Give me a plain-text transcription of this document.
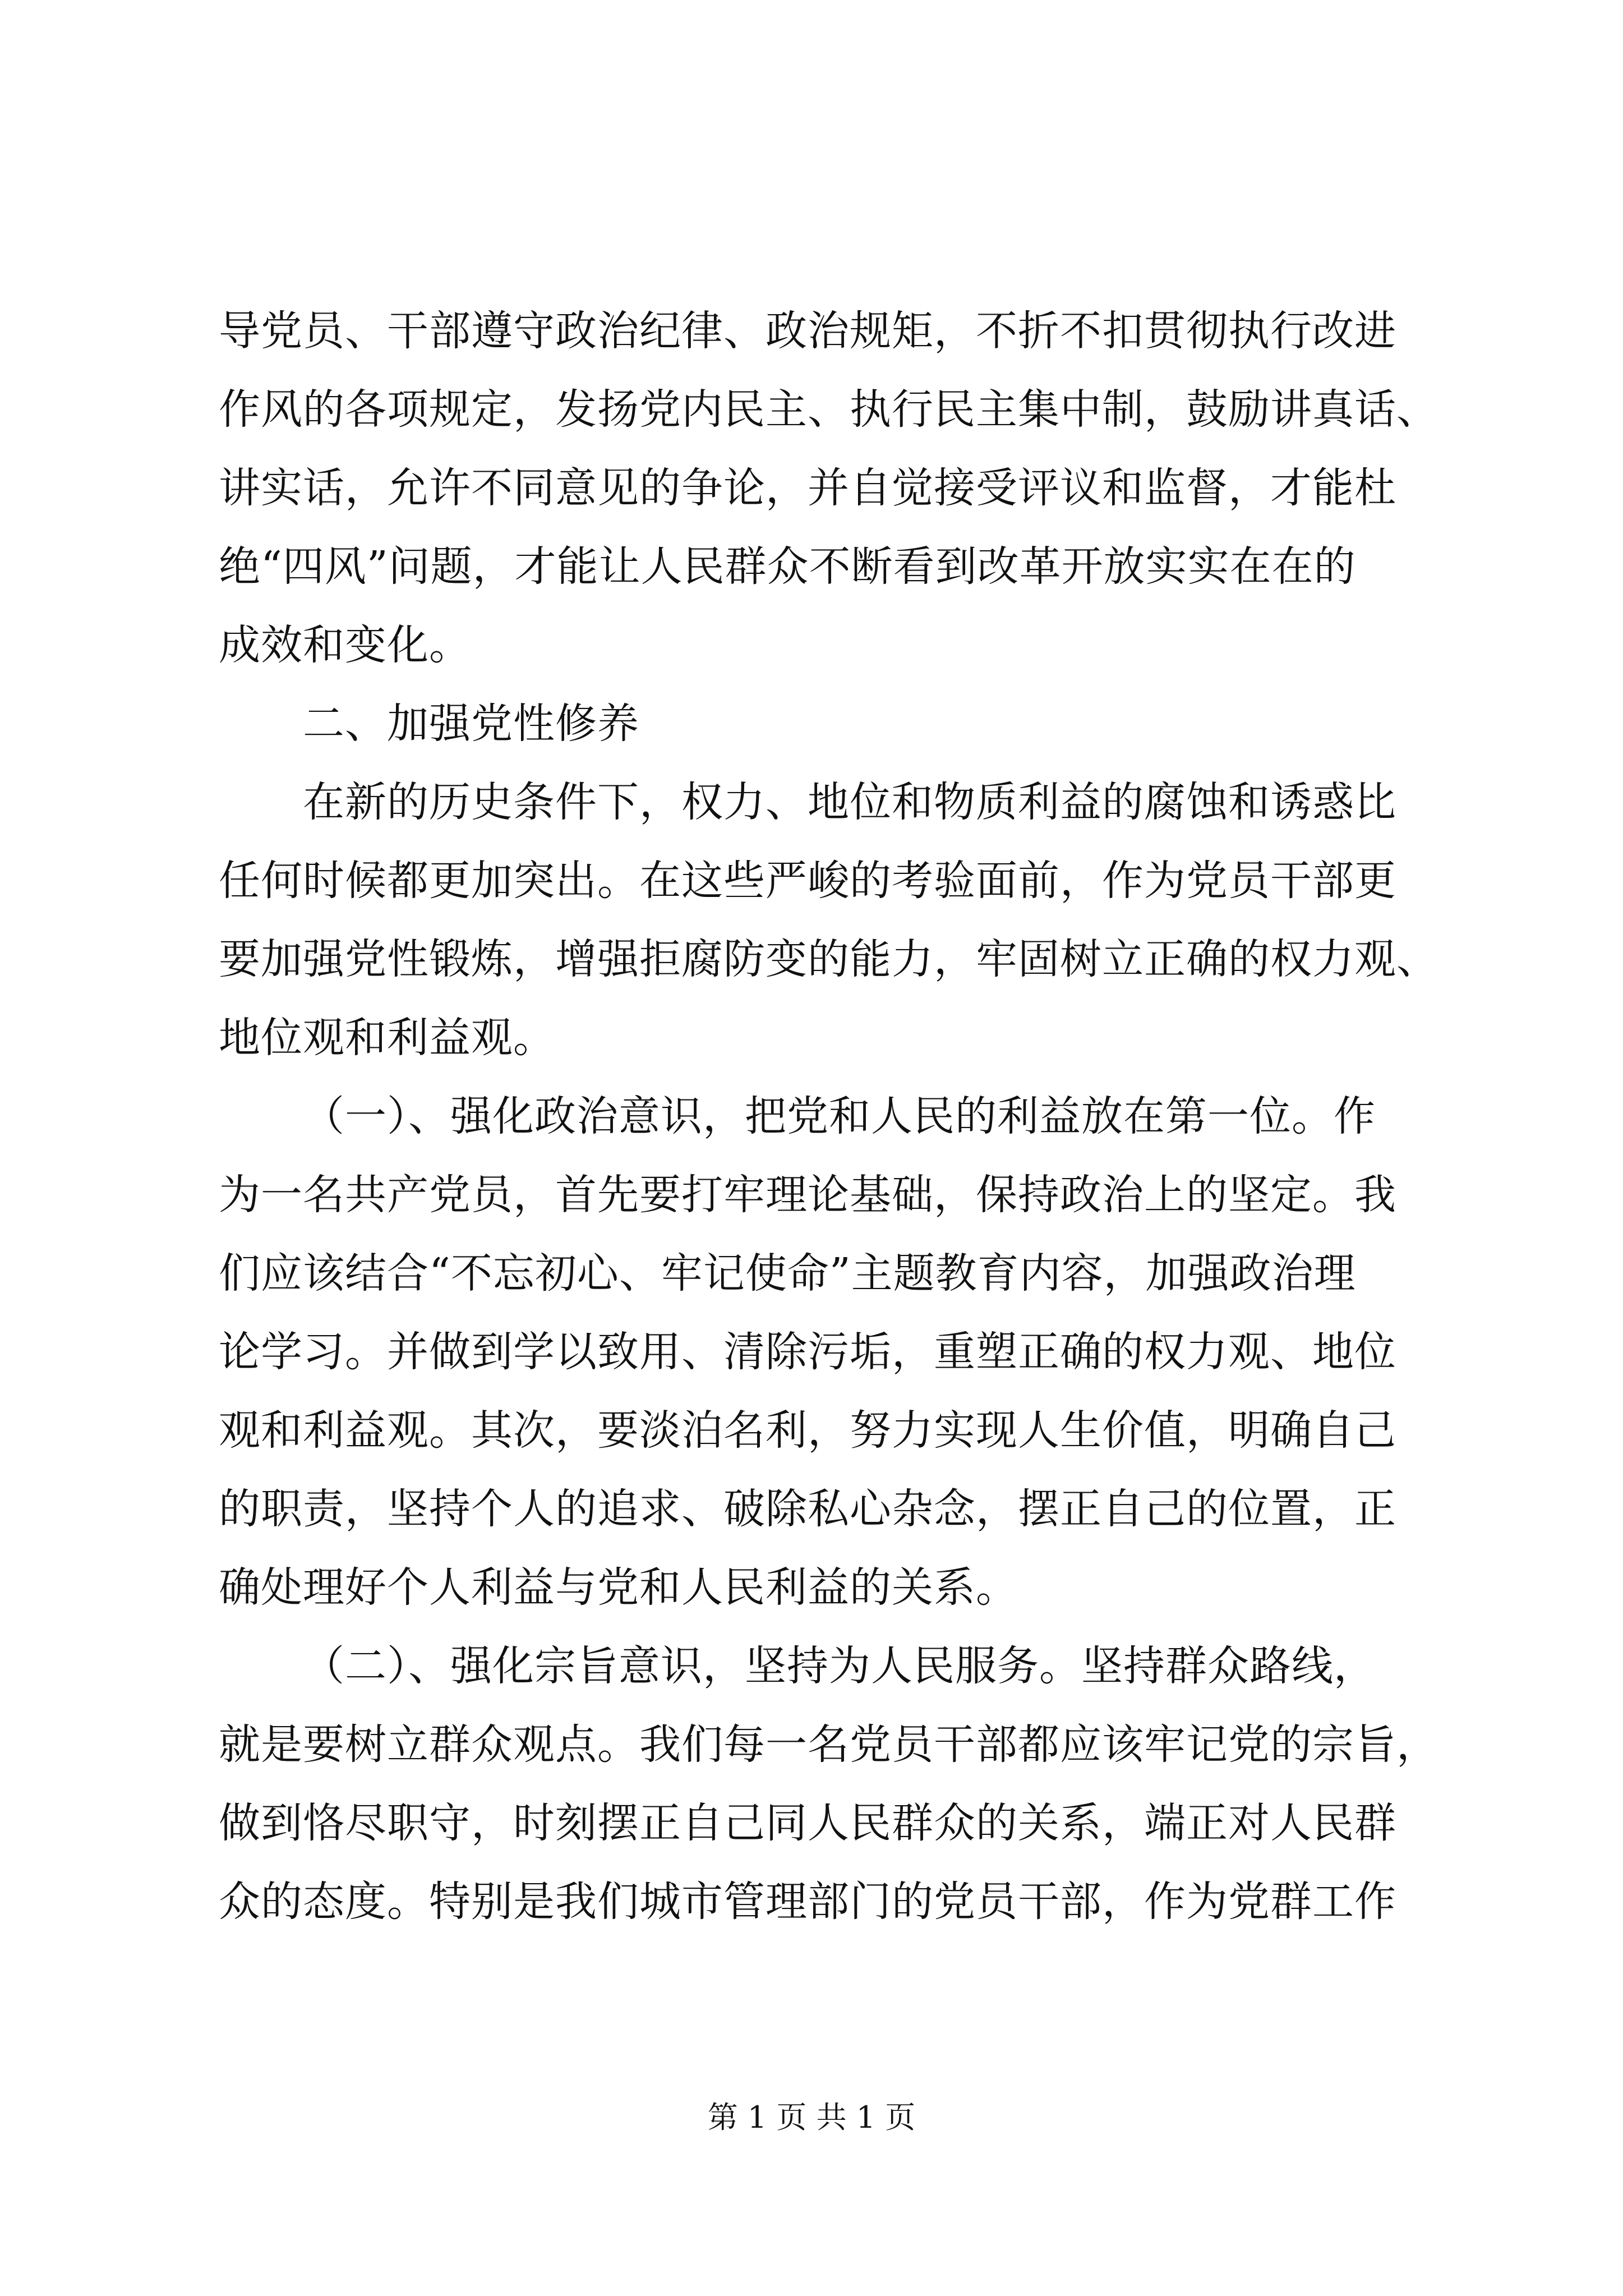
导党员、干部遵守政治纪律、政治规矩，不折不扣贯彻执行改进
作风的各项规定，发扬党内民主、执行民主集中制，鼓励讲真话、
讲实话，允许不同意见的争论，并自觉接受评议和监督，才能杜
绝“四风”问题，才能让人民群众不断看到改革开放实实在在的
成效和变化。
二、加强党性修养
在新的历史条件下，权力、地位和物质利益的腐蚀和诱惑比
任何时候都更加突出。在这些严峻的考验面前，作为党员干部更
要加强党性锻炼，增强拒腐防变的能力，牢固树立正确的权力观、
地位观和利益观。
（一）、强化政治意识，把党和人民的利益放在第一位。作
为一名共产党员，首先要打牢理论基础，保持政治上的坚定。我
们应该结合“不忘初心、牢记使命”主题教育内容，加强政治理
论学习。并做到学以致用、清除污垢，重塑正确的权力观、地位
观和利益观。其次，要淡泊名利，努力实现人生价值，明确自己
的职责，坚持个人的追求、破除私心杂念，摆正自己的位置，正
确处理好个人利益与党和人民利益的关系。
（二）、强化宗旨意识，坚持为人民服务。坚持群众路线，
就是要树立群众观点。我们每一名党员干部都应该牢记党的宗旨，
做到恪尽职守，时刻摆正自己同人民群众的关系，端正对人民群
众的态度。特别是我们城市管理部门的党员干部，作为党群工作
第 1 页 共 1 页
